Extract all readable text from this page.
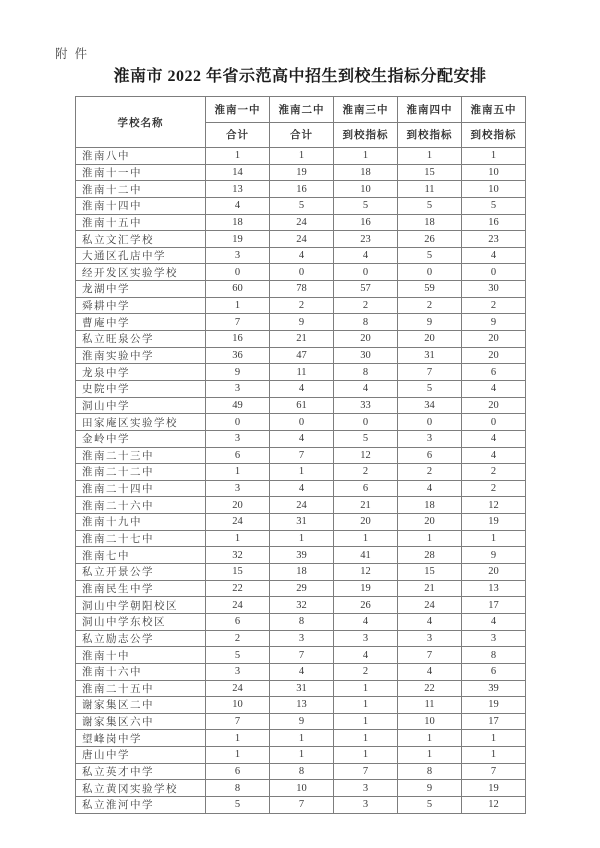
附 件
淮南市 2022 年省示范高中招生到校生指标分配安排
学校名称	淮南一中	淮南二中	淮南三中	淮南四中	淮南五中
	合计	合计	到校指标	到校指标	到校指标
淮南八中	1	1	1	1	1
淮南十一中	14	19	18	15	10
淮南十二中	13	16	10	11	10
淮南十四中	4	5	5	5	5
淮南十五中	18	24	16	18	16
私立文汇学校	19	24	23	26	23
大通区孔店中学	3	4	4	5	4
经开发区实验学校	0	0	0	0	0
龙湖中学	60	78	57	59	30
舜耕中学	1	2	2	2	2
曹庵中学	7	9	8	9	9
私立旺泉公学	16	21	20	20	20
淮南实验中学	36	47	30	31	20
龙泉中学	9	11	8	7	6
史院中学	3	4	4	5	4
洞山中学	49	61	33	34	20
田家庵区实验学校	0	0	0	0	0
金岭中学	3	4	5	3	4
淮南二十三中	6	7	12	6	4
淮南二十二中	1	1	2	2	2
淮南二十四中	3	4	6	4	2
淮南二十六中	20	24	21	18	12
淮南十九中	24	31	20	20	19
淮南二十七中	1	1	1	1	1
淮南七中	32	39	41	28	9
私立开景公学	15	18	12	15	20
淮南民生中学	22	29	19	21	13
洞山中学朝阳校区	24	32	26	24	17
洞山中学东校区	6	8	4	4	4
私立励志公学	2	3	3	3	3
淮南十中	5	7	4	7	8
淮南十六中	3	4	2	4	6
淮南二十五中	24	31	1	22	39
谢家集区二中	10	13	1	11	19
谢家集区六中	7	9	1	10	17
望峰岗中学	1	1	1	1	1
唐山中学	1	1	1	1	1
私立英才中学	6	8	7	8	7
私立黄冈实验学校	8	10	3	9	19
私立淮河中学	5	7	3	5	12
